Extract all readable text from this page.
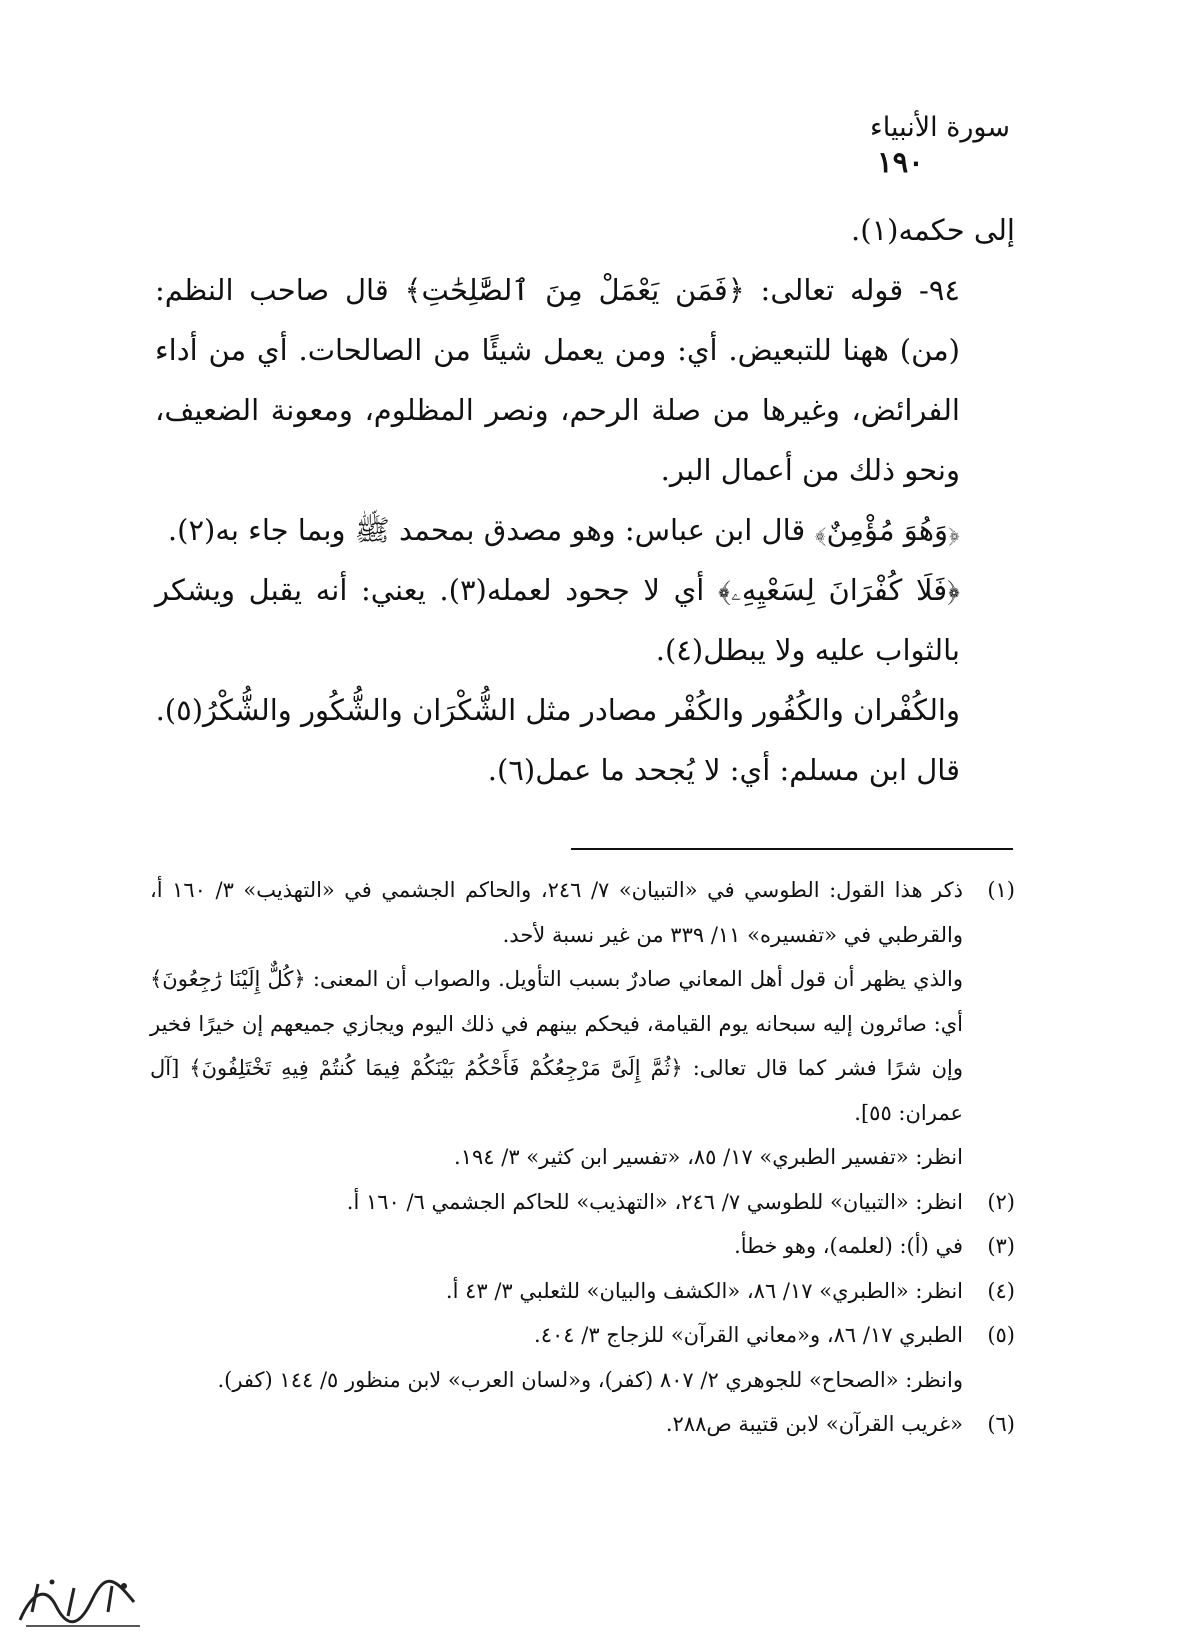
سورة الأنبياء
١٩٠

إلى حكمه(١).

٩٤- قوله تعالى: ﴿فَمَن يَعْمَلْ مِنَ ٱلصَّٰلِحَٰتِ﴾ قال صاحب النظم: (من) ههنا للتبعيض. أي: ومن يعمل شيئًا من الصالحات. أي من أداء الفرائض، وغيرها من صلة الرحم، ونصر المظلوم، ومعونة الضعيف، ونحو ذلك من أعمال البر.

﴿وَهُوَ مُؤْمِنٌ﴾ قال ابن عباس: وهو مصدق بمحمد ﷺ وبما جاء به(٢).

﴿فَلَا كُفْرَانَ لِسَعْيِهِۦ﴾ أي لا جحود لعمله(٣). يعني: أنه يقبل ويشكر بالثواب عليه ولا يبطل(٤).

والكُفْران والكُفُور والكُفْر مصادر مثل الشُّكْرَان والشُّكُور والشُّكْرُ(٥).

قال ابن مسلم: أي: لا يُجحد ما عمل(٦).

(١)

ذكر هذا القول: الطوسي في «التبيان» ٧/ ٢٤٦، والحاكم الجشمي في «التهذيب» ٣/ ١٦٠ أ، والقرطبي في «تفسيره» ١١/ ٣٣٩ من غير نسبة لأحد.

والذي يظهر أن قول أهل المعاني صادرٌ بسبب التأويل. والصواب أن المعنى: ﴿كُلٌّ إِلَيْنَا رَٰجِعُونَ﴾ أي: صائرون إليه سبحانه يوم القيامة، فيحكم بينهم في ذلك اليوم ويجازي جميعهم إن خيرًا فخير وإن شرًا فشر كما قال تعالى: ﴿ثُمَّ إِلَىَّ مَرْجِعُكُمْ فَأَحْكُمُ بَيْنَكُمْ فِيمَا كُنتُمْ فِيهِ تَخْتَلِفُونَ﴾ [آل عمران: ٥٥].

انظر: «تفسير الطبري» ١٧/ ٨٥، «تفسير ابن كثير» ٣/ ١٩٤.

(٢)

انظر: «التبيان» للطوسي ٧/ ٢٤٦، «التهذيب» للحاكم الجشمي ٦/ ١٦٠ أ.

(٣)

في (أ): (لعلمه)، وهو خطأ.

(٤)

انظر: «الطبري» ١٧/ ٨٦، «الكشف والبيان» للثعلبي ٣/ ٤٣ أ.

(٥)

الطبري ١٧/ ٨٦، و«معاني القرآن» للزجاج ٣/ ٤٠٤.

وانظر: «الصحاح» للجوهري ٢/ ٨٠٧ (كفر)، و«لسان العرب» لابن منظور ٥/ ١٤٤ (كفر).

(٦)

«غريب القرآن» لابن قتيبة ص٢٨٨.
